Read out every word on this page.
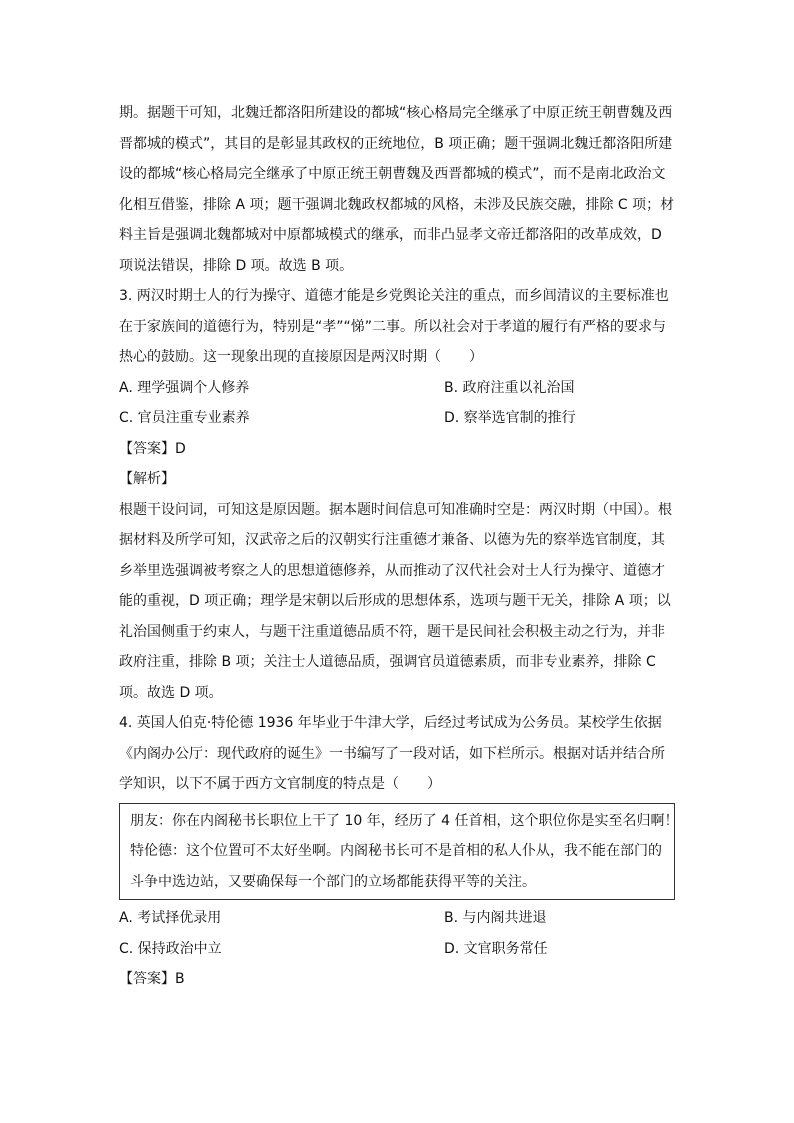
期。据题干可知，北魏迁都洛阳所建设的都城“核心格局完全继承了中原正统王朝曹魏及西
晋都城的模式”，其目的是彰显其政权的正统地位，B 项正确；题干强调北魏迁都洛阳所建
设的都城“核心格局完全继承了中原正统王朝曹魏及西晋都城的模式”，而不是南北政治文
化相互借鉴，排除 A 项；题干强调北魏政权都城的风格，未涉及民族交融，排除 C 项；材
料主旨是强调北魏都城对中原都城模式的继承，而非凸显孝文帝迁都洛阳的改革成效，D
项说法错误，排除 D 项。故选 B 项。
3. 两汉时期士人的行为操守、道德才能是乡党舆论关注的重点，而乡闾清议的主要标准也
在于家族间的道德行为，特别是“孝”“悌”二事。所以社会对于孝道的履行有严格的要求与
热心的鼓励。这一现象出现的直接原因是两汉时期（　　）
A. 理学强调个人修养	B. 政府注重以礼治国
C. 官员注重专业素养	D. 察举选官制的推行
【答案】D
【解析】
根题干设问词，可知这是原因题。据本题时间信息可知准确时空是：两汉时期（中国）。根
据材料及所学可知，汉武帝之后的汉朝实行注重德才兼备、以德为先的察举选官制度，其
乡举里选强调被考察之人的思想道德修养，从而推动了汉代社会对士人行为操守、道德才
能的重视，D 项正确；理学是宋朝以后形成的思想体系，选项与题干无关，排除 A 项；以
礼治国侧重于约束人，与题干注重道德品质不符，题干是民间社会积极主动之行为，并非
政府注重，排除 B 项；关注士人道德品质，强调官员道德素质，而非专业素养，排除 C
项。故选 D 项。
4. 英国人伯克·特伦德 1936 年毕业于牛津大学，后经过考试成为公务员。某校学生依据
《内阁办公厅：现代政府的诞生》一书编写了一段对话，如下栏所示。根据对话并结合所
学知识，以下不属于西方文官制度的特点是（　　）
朋友：你在内阁秘书长职位上干了 10 年，经历了 4 任首相，这个职位你是实至名归啊！
特伦德：这个位置可不太好坐啊。内阁秘书长可不是首相的私人仆从，我不能在部门的
斗争中选边站，又要确保每一个部门的立场都能获得平等的关注。
A. 考试择优录用	B. 与内阁共进退
C. 保持政治中立	D. 文官职务常任
【答案】B
